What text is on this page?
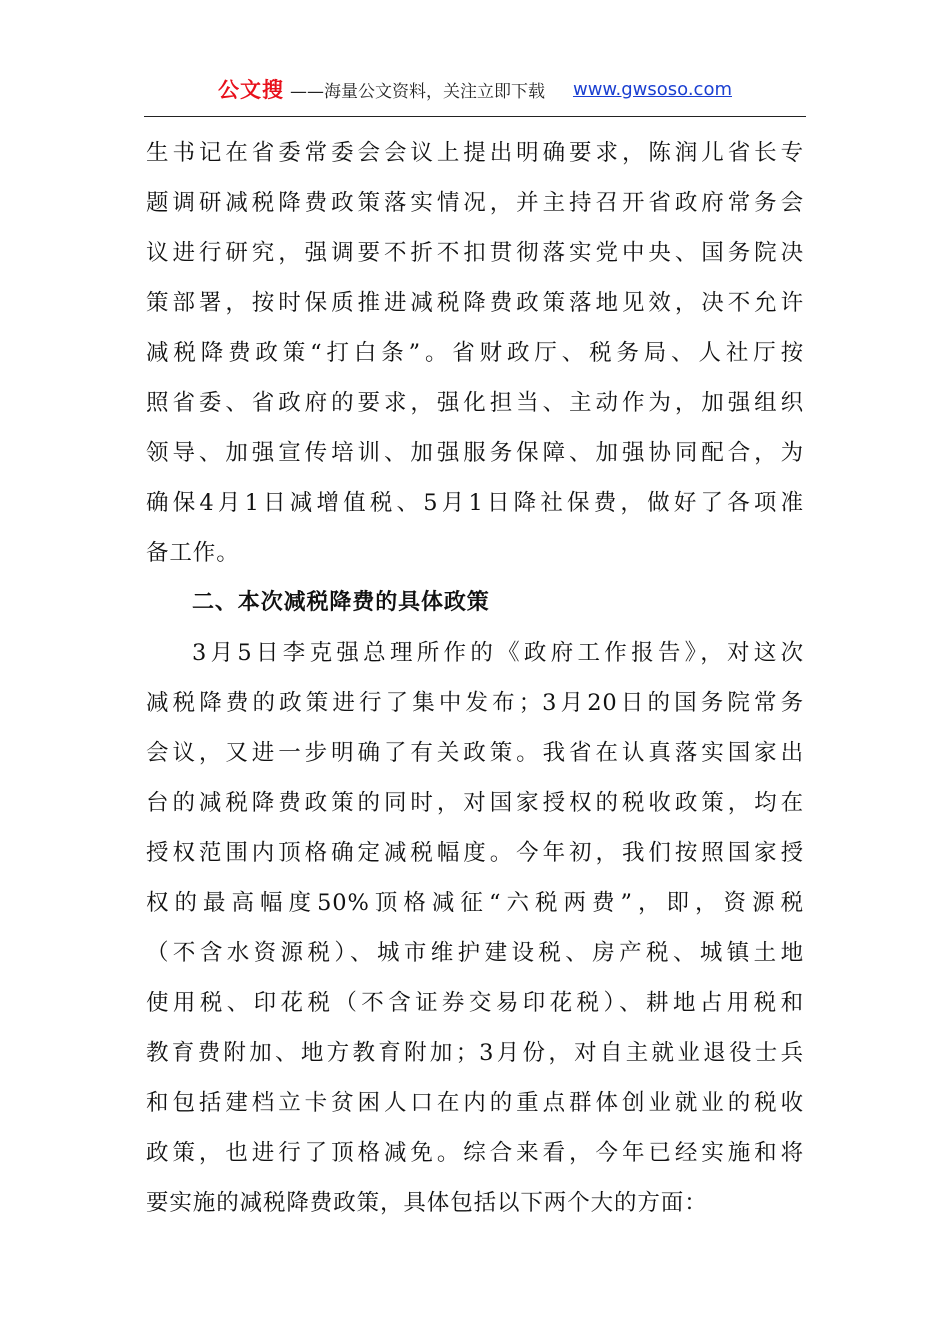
公文搜 ——海量公文资料，关注立即下载 www.gwsoso.com
生书记在省委常委会会议上提出明确要求，陈润儿省长专
题调研减税降费政策落实情况，并主持召开省政府常务会
议进行研究，强调要不折不扣贯彻落实党中央、国务院决
策部署，按时保质推进减税降费政策落地见效，决不允许
减税降费政策“打白条”。省财政厅、税务局、人社厅按
照省委、省政府的要求，强化担当、主动作为，加强组织
领导、加强宣传培训、加强服务保障、加强协同配合，为
确保4月1日减增值税、5月1日降社保费，做好了各项准
备工作。
二、本次减税降费的具体政策
3月5日李克强总理所作的《政府工作报告》，对这次
减税降费的政策进行了集中发布；3月20日的国务院常务
会议，又进一步明确了有关政策。我省在认真落实国家出
台的减税降费政策的同时，对国家授权的税收政策，均在
授权范围内顶格确定减税幅度。今年初，我们按照国家授
权的最高幅度50%顶格减征“六税两费”，即，资源税
（不含水资源税）、城市维护建设税、房产税、城镇土地
使用税、印花税（不含证券交易印花税）、耕地占用税和
教育费附加、地方教育附加；3月份，对自主就业退役士兵
和包括建档立卡贫困人口在内的重点群体创业就业的税收
政策，也进行了顶格减免。综合来看，今年已经实施和将
要实施的减税降费政策，具体包括以下两个大的方面：
